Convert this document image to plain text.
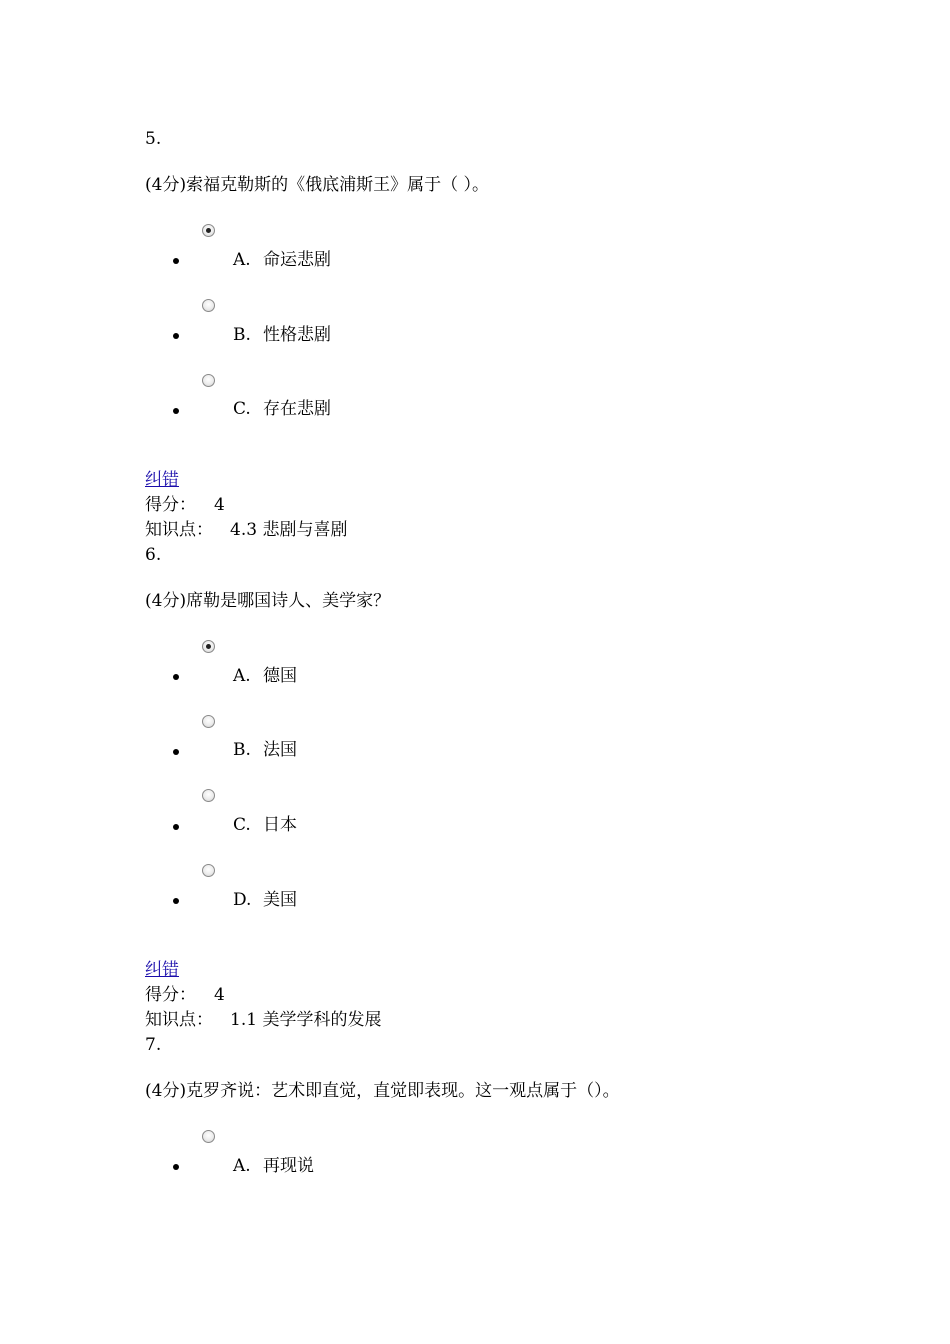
5.
(4分)索福克勒斯的《俄底浦斯王》属于（ ）。
A. 命运悲剧
B. 性格悲剧
C. 存在悲剧
纠错
得分： 4
知识点： 4.3 悲剧与喜剧
6.
(4分)席勒是哪国诗人、美学家？
A. 德国
B. 法国
C. 日本
D. 美国
纠错
得分： 4
知识点： 1.1 美学学科的发展
7.
(4分)克罗齐说：艺术即直觉，直觉即表现。这一观点属于（）。
A. 再现说
